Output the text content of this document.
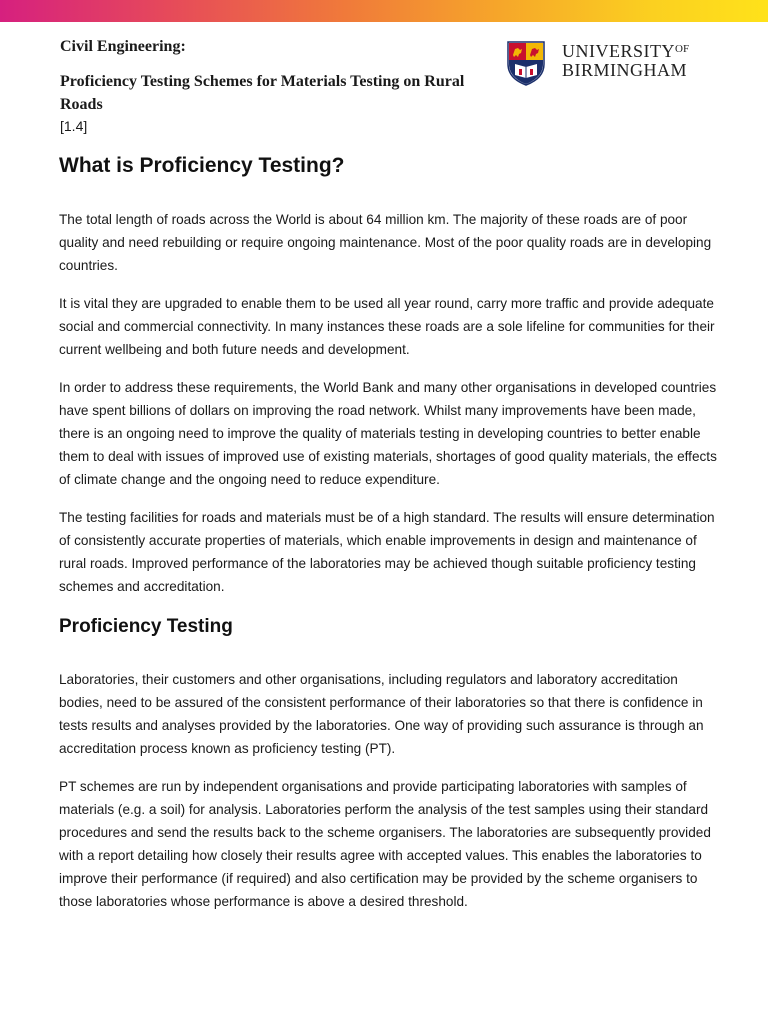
Civil Engineering:

Proficiency Testing Schemes for Materials Testing on Rural Roads

[1.4]

$UNIVERSITY^{OF}$
BIRMINGHAM
What is Proficiency Testing?

The total length of roads across the World is about 64 million km. The majority of these roads are of poor quality and need rebuilding or require ongoing maintenance. Most of the poor quality roads are in developing countries.

It is vital they are upgraded to enable them to be used all year round, carry more traffic and provide adequate social and commercial connectivity. In many instances these roads are a sole lifeline for communities for their current wellbeing and both future needs and development.

In order to address these requirements, the World Bank and many other organisations in developed countries have spent billions of dollars on improving the road network. Whilst many improvements have been made, there is an ongoing need to improve the quality of materials testing in developing countries to better enable them to deal with issues of improved use of existing materials, shortages of good quality materials, the effects of climate change and the ongoing need to reduce expenditure.

The testing facilities for roads and materials must be of a high standard. The results will ensure determination of consistently accurate properties of materials, which enable improvements in design and maintenance of rural roads. Improved performance of the laboratories may be achieved though suitable proficiency testing schemes and accreditation.

Proficiency Testing

Laboratories, their customers and other organisations, including regulators and laboratory accreditation bodies, need to be assured of the consistent performance of their laboratories so that there is confidence in tests results and analyses provided by the laboratories. One way of providing such assurance is through an accreditation process known as proficiency testing (PT).

PT schemes are run by independent organisations and provide participating laboratories with samples of materials (e.g. a soil) for analysis. Laboratories perform the analysis of the test samples using their standard procedures and send the results back to the scheme organisers. The laboratories are subsequently provided with a report detailing how closely their results agree with accepted values. This enables the laboratories to improve their performance (if required) and also certification may be provided by the scheme organisers to those laboratories whose performance is above a desired threshold.
